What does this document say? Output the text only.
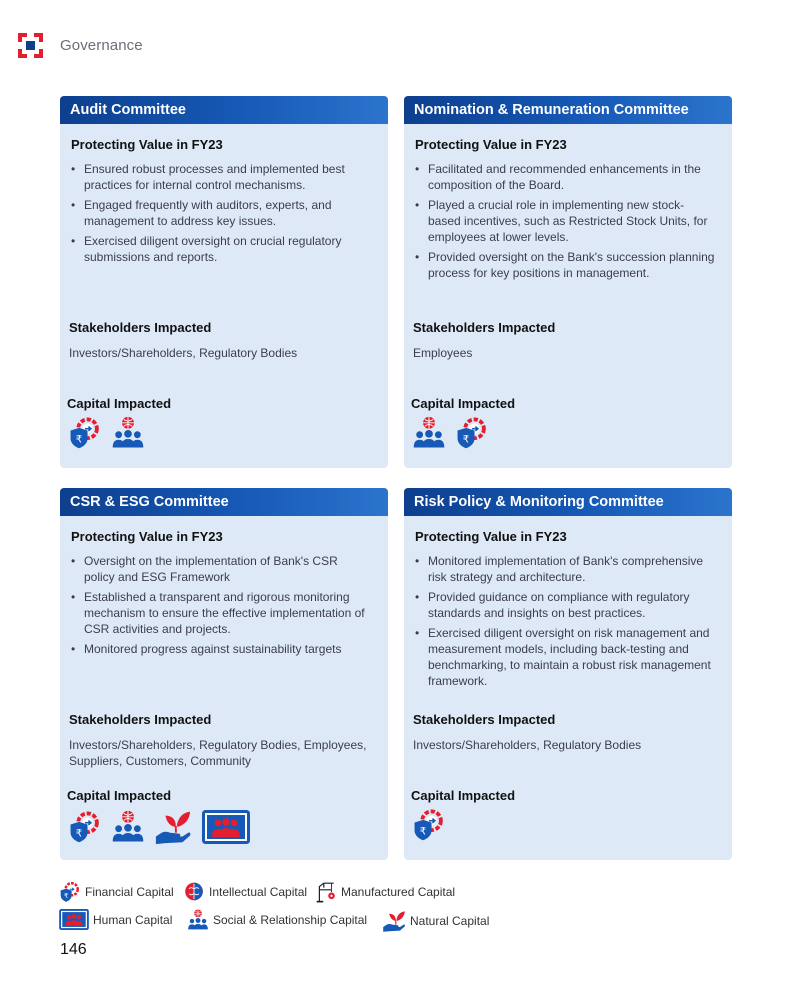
Governance
Audit Committee
Protecting Value in FY23
• Ensured robust processes and implemented best practices for internal control mechanisms.
• Engaged frequently with auditors, experts, and management to address key issues.
• Exercised diligent oversight on crucial regulatory submissions and reports.
Stakeholders Impacted
Investors/Shareholders, Regulatory Bodies
Capital Impacted
Nomination & Remuneration Committee
Protecting Value in FY23
• Facilitated and recommended enhancements in the composition of the Board.
• Played a crucial role in implementing new stock-based incentives, such as Restricted Stock Units, for employees at lower levels.
• Provided oversight on the Bank's succession planning process for key positions in management.
Stakeholders Impacted
Employees
Capital Impacted
CSR & ESG Committee
Protecting Value in FY23
• Oversight on the implementation of Bank's CSR policy and ESG Framework
• Established a transparent and rigorous monitoring mechanism to ensure the effective implementation of CSR activities and projects.
• Monitored progress against sustainability targets
Stakeholders Impacted
Investors/Shareholders, Regulatory Bodies, Employees, Suppliers, Customers, Community
Capital Impacted
Risk Policy & Monitoring Committee
Protecting Value in FY23
• Monitored implementation of Bank's comprehensive risk strategy and architecture.
• Provided guidance on compliance with regulatory standards and insights on best practices.
• Exercised diligent oversight on risk management and measurement models, including back-testing and benchmarking, to maintain a robust risk management framework.
Stakeholders Impacted
Investors/Shareholders, Regulatory Bodies
Capital Impacted
Financial Capital	Intellectual Capital	Manufactured Capital
Human Capital	Social & Relationship Capital	Natural Capital
146
